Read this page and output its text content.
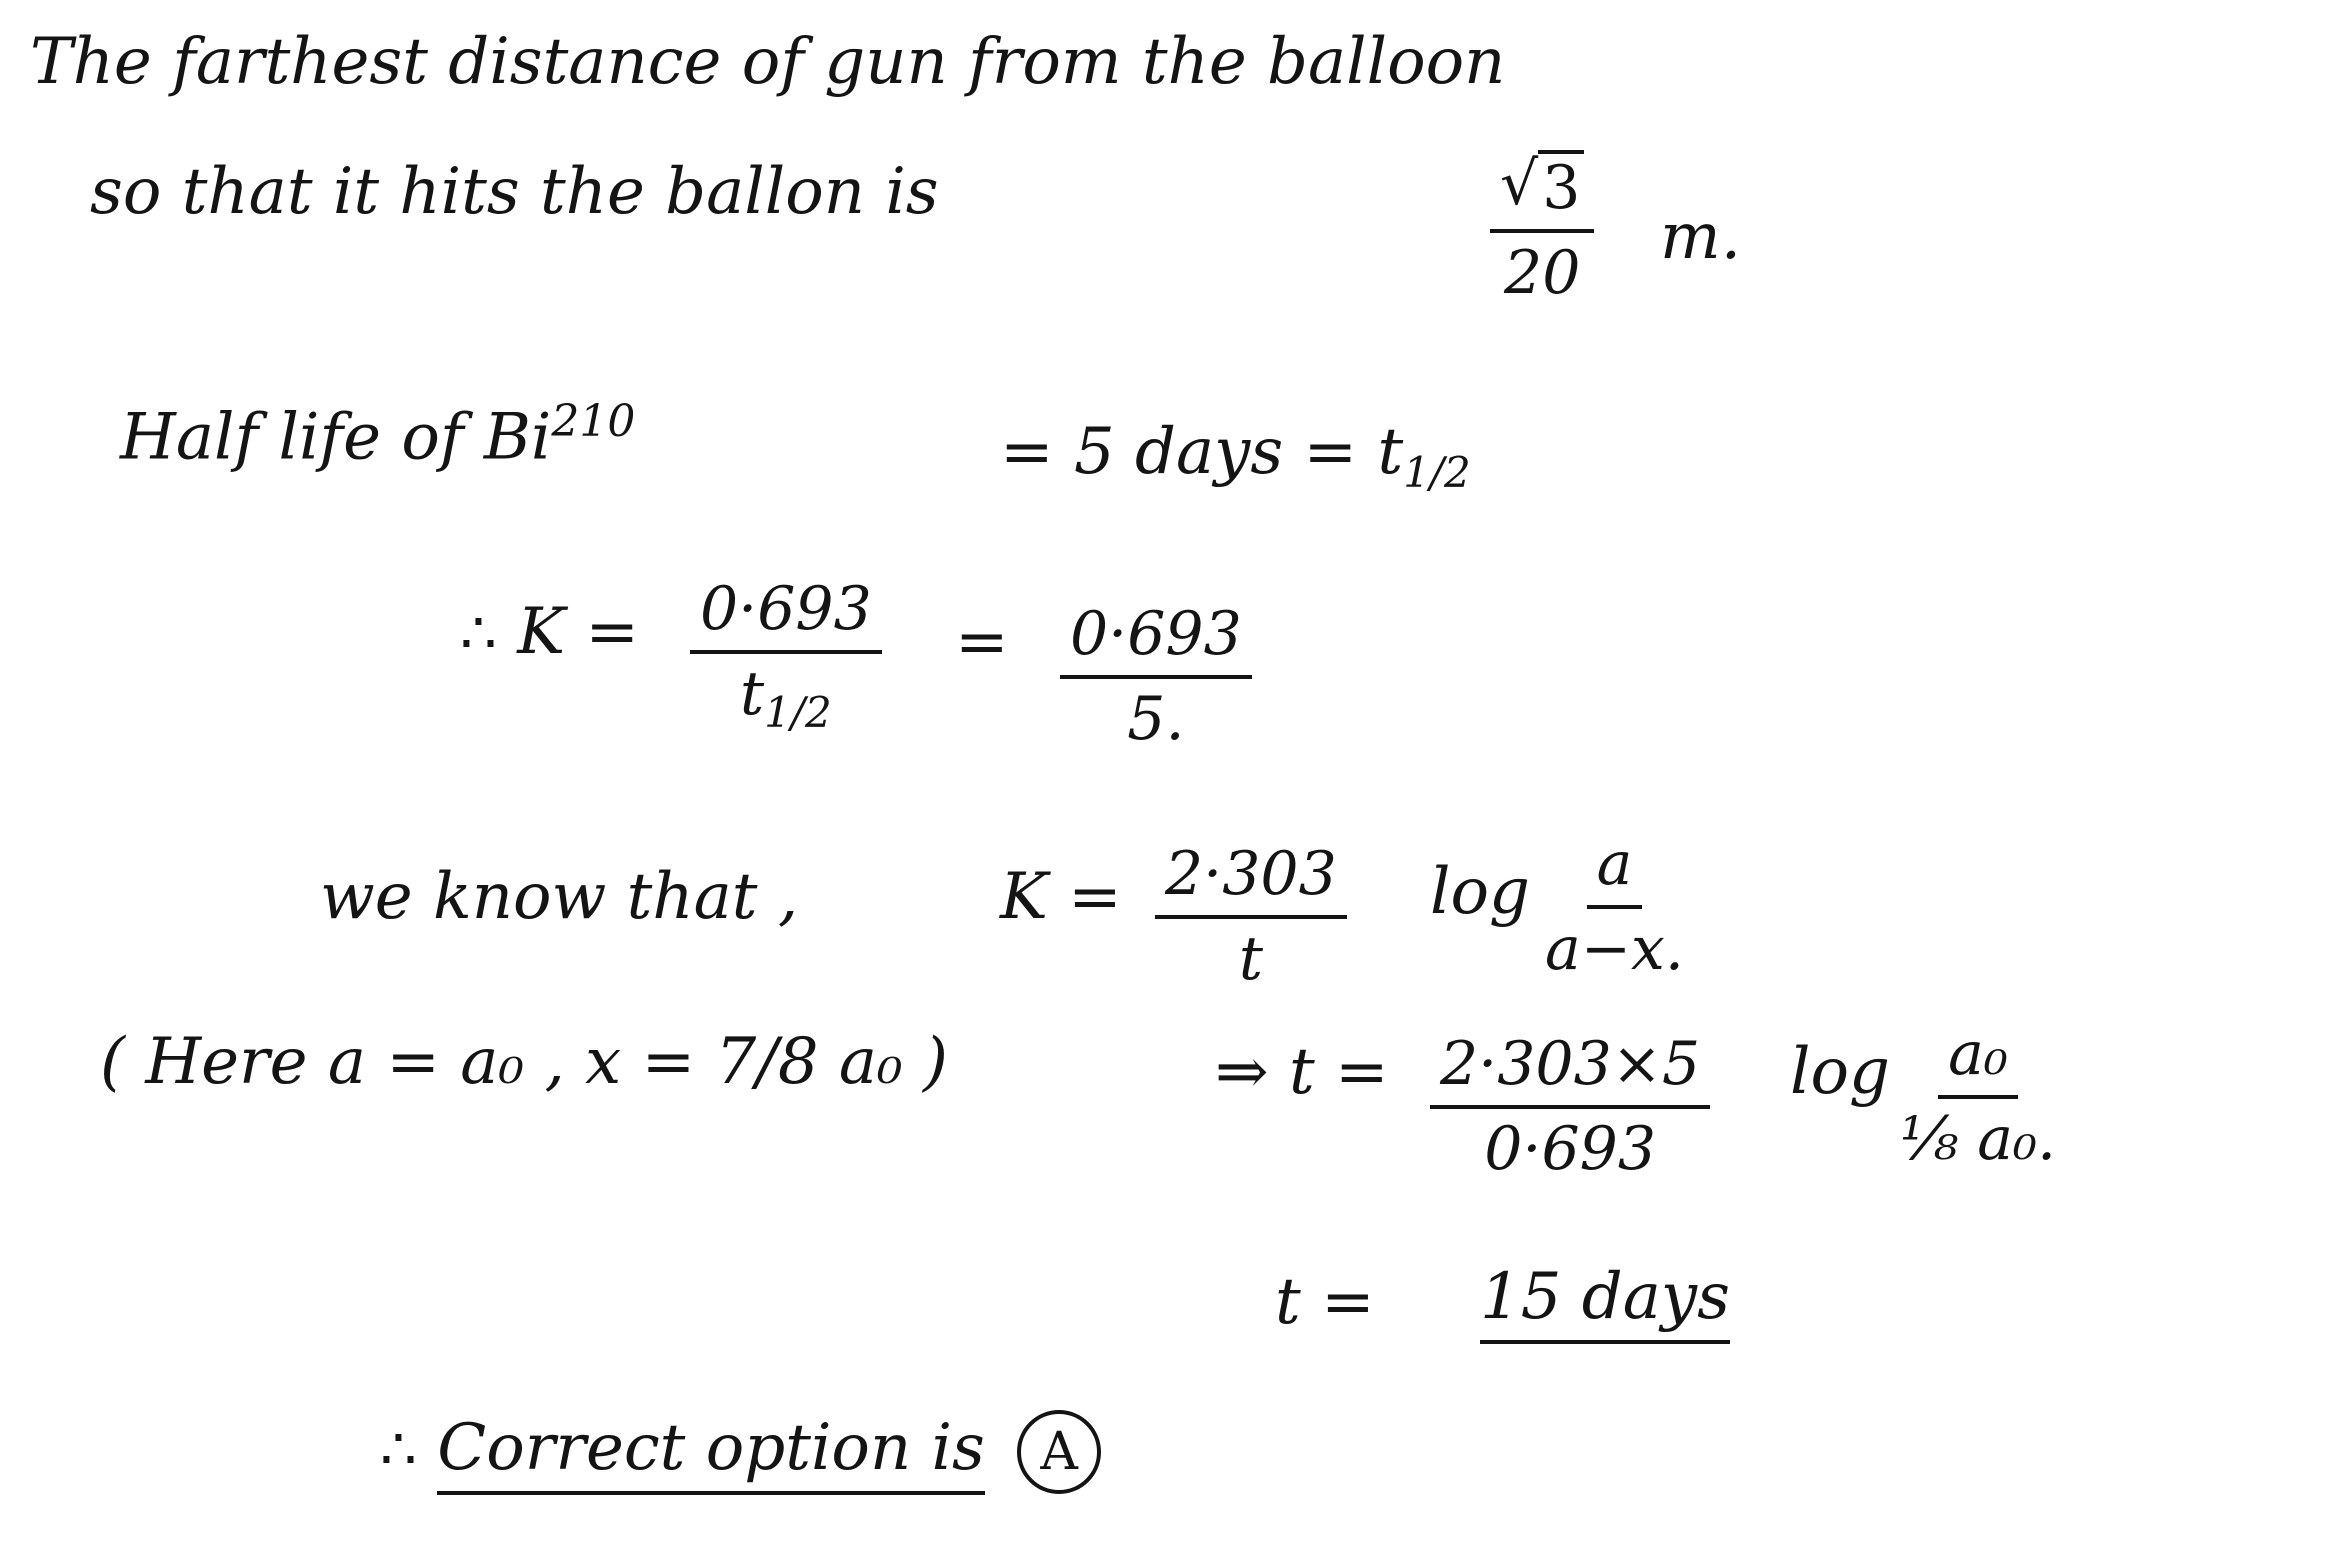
The farthest distance of gun from the balloon
so that it hits the ballon is	$\frac{√ 3}{20} m$.
Half life of $Bi^{210}$	= 5 days = $t_{1/2}$
∴ $K = \frac{0\cdot 693}{t_{1/2}} = \frac{0\cdot 693}{5.}$
we know that ,	$K = \frac{2\cdot 303}{t}$ $\log \frac{a}{a-x.}$
( Here a = a₀ , x = 7/8 a₀ )	⇒ $t = \frac{2\cdot 303\times 5}{0\cdot 693}$ $\log \frac{\text{a₀}}{\text{⅛ a₀.}}$
t = 15 days
∴ Correct option is A
